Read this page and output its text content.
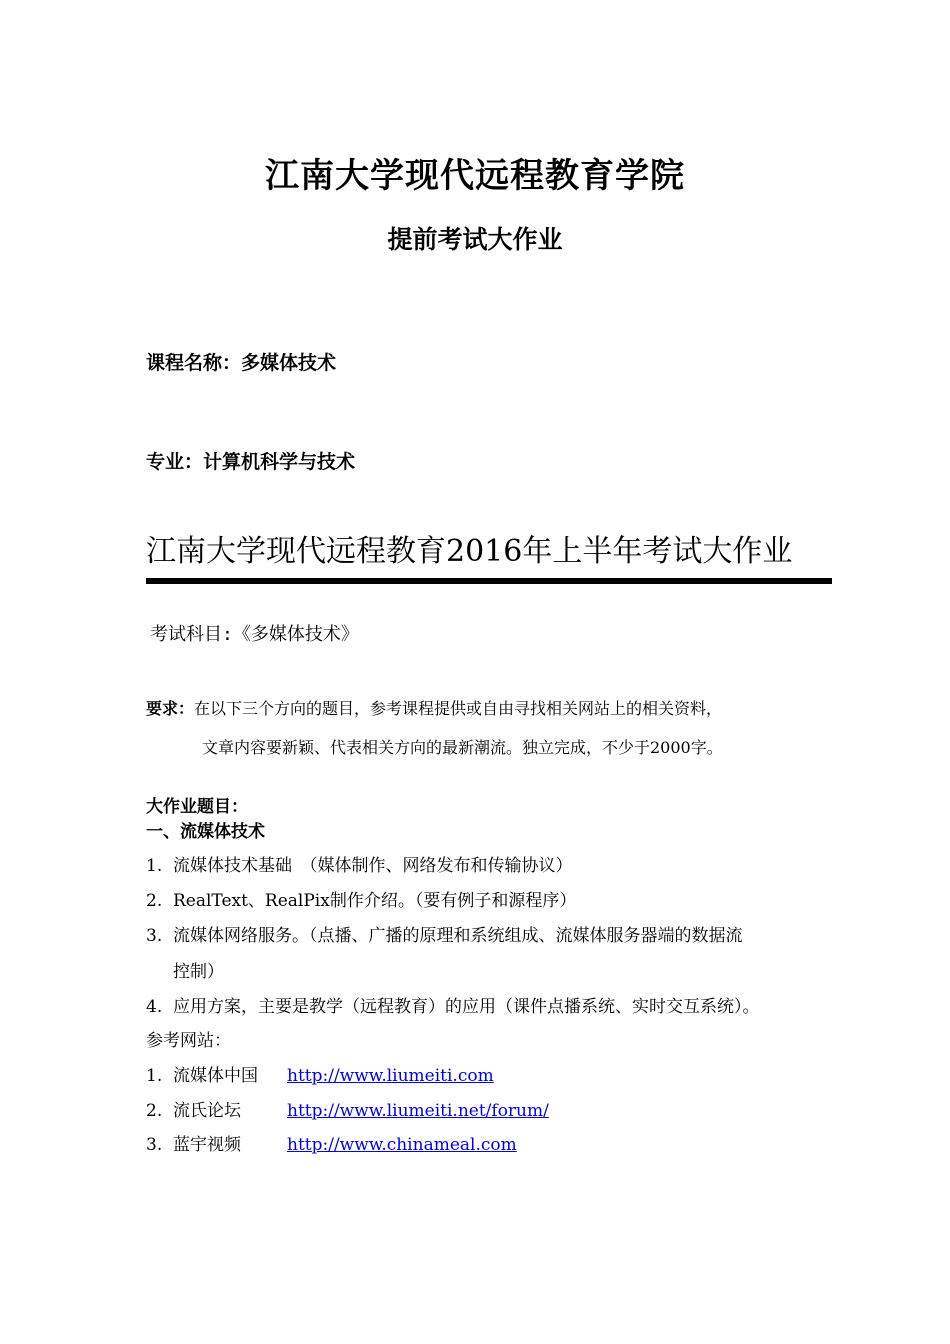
江南大学现代远程教育学院
提前考试大作业
课程名称：多媒体技术
专业：计算机科学与技术
江南大学现代远程教育2016年上半年考试大作业
考试科目:《多媒体技术》
要求：在以下三个方向的题目，参考课程提供或自由寻找相关网站上的相关资料，
文章内容要新颖、代表相关方向的最新潮流。独立完成，不少于2000字。
大作业题目：
一、流媒体技术
1. 流媒体技术基础　（媒体制作、网络发布和传输协议）
2. RealText、RealPix制作介绍。（要有例子和源程序）
3. 流媒体网络服务。（点播、广播的原理和系统组成、流媒体服务器端的数据流
控制）
4. 应用方案，主要是教学（远程教育）的应用（课件点播系统、实时交互系统）。
参考网站：
1. 流媒体中国 http://www.liumeiti.com
2. 流氏论坛	http://www.liumeiti.net/forum/
3. 蓝宇视频	http://www.chinameal.com
